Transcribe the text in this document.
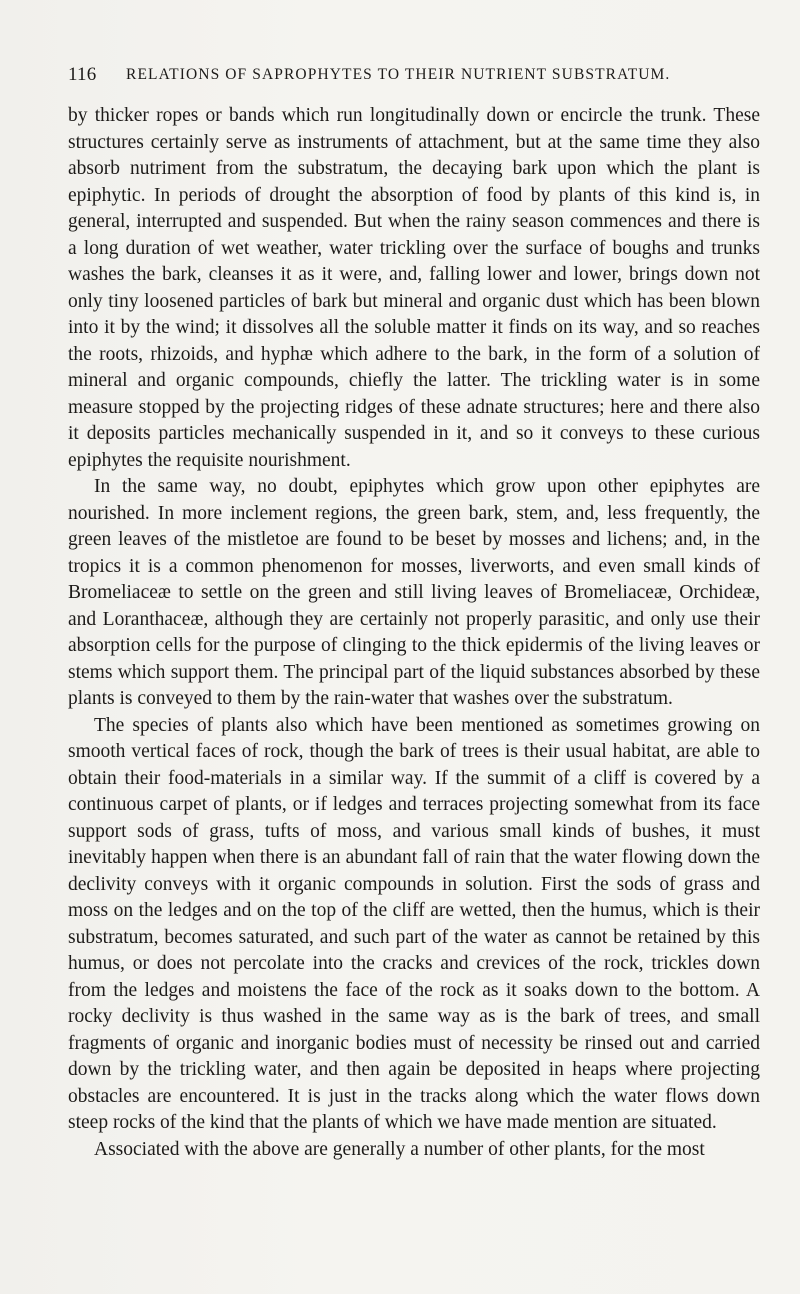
116 RELATIONS OF SAPROPHYTES TO THEIR NUTRIENT SUBSTRATUM.

by thicker ropes or bands which run longitudinally down or encircle the trunk. These structures certainly serve as instruments of attachment, but at the same time they also absorb nutriment from the substratum, the decaying bark upon which the plant is epiphytic. In periods of drought the absorption of food by plants of this kind is, in general, interrupted and suspended. But when the rainy season commences and there is a long duration of wet weather, water trickling over the surface of boughs and trunks washes the bark, cleanses it as it were, and, falling lower and lower, brings down not only tiny loosened particles of bark but mineral and organic dust which has been blown into it by the wind; it dissolves all the soluble matter it finds on its way, and so reaches the roots, rhizoids, and hyphæ which adhere to the bark, in the form of a solution of mineral and organic compounds, chiefly the latter. The trickling water is in some measure stopped by the projecting ridges of these adnate structures; here and there also it deposits particles mechanically suspended in it, and so it conveys to these curious epiphytes the requisite nourishment.

In the same way, no doubt, epiphytes which grow upon other epiphytes are nourished. In more inclement regions, the green bark, stem, and, less frequently, the green leaves of the mistletoe are found to be beset by mosses and lichens; and, in the tropics it is a common phenomenon for mosses, liverworts, and even small kinds of Bromeliaceæ to settle on the green and still living leaves of Bromeliaceæ, Orchideæ, and Loranthaceæ, although they are certainly not properly parasitic, and only use their absorption cells for the purpose of clinging to the thick epidermis of the living leaves or stems which support them. The principal part of the liquid substances absorbed by these plants is conveyed to them by the rain-water that washes over the substratum.

The species of plants also which have been mentioned as sometimes growing on smooth vertical faces of rock, though the bark of trees is their usual habitat, are able to obtain their food-materials in a similar way. If the summit of a cliff is covered by a continuous carpet of plants, or if ledges and terraces projecting somewhat from its face support sods of grass, tufts of moss, and various small kinds of bushes, it must inevitably happen when there is an abundant fall of rain that the water flowing down the declivity conveys with it organic compounds in solution. First the sods of grass and moss on the ledges and on the top of the cliff are wetted, then the humus, which is their substratum, becomes saturated, and such part of the water as cannot be retained by this humus, or does not percolate into the cracks and crevices of the rock, trickles down from the ledges and moistens the face of the rock as it soaks down to the bottom. A rocky declivity is thus washed in the same way as is the bark of trees, and small fragments of organic and inorganic bodies must of necessity be rinsed out and carried down by the trickling water, and then again be deposited in heaps where projecting obstacles are encountered. It is just in the tracks along which the water flows down steep rocks of the kind that the plants of which we have made mention are situated.

Associated with the above are generally a number of other plants, for the most
